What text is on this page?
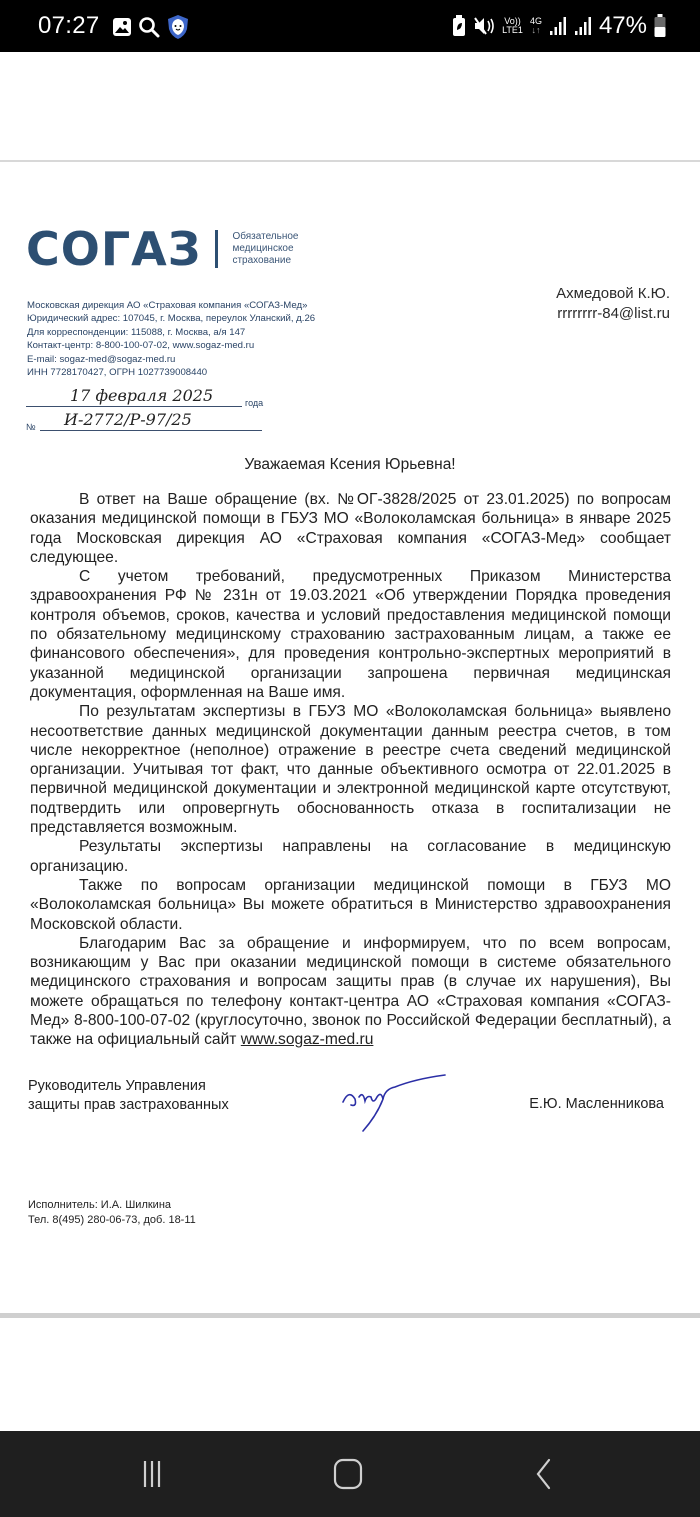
07:27	Vo))
LTE1
4G
↓↑ 47%
СОГАЗ	Обязательное
медицинское
страхование
Московская дирекция АО «Страховая компания «СОГАЗ-Мед»
Юридический адрес: 107045, г. Москва, переулок Уланский, д.26
Для корреспонденции: 115088, г. Москва, а/я 147
Контакт-центр: 8-800-100-07-02, www.sogaz-med.ru
E-mail: sogaz-med@sogaz-med.ru
ИНН 7728170427, ОГРН 1027739008440
Ахмедовой К.Ю.
rrrrrrrr-84@list.ru
17 февраля 2025	года
№ И-2772/Р-97/25
Уважаемая Ксения Юрьевна!

В ответ на Ваше обращение (вх. №ОГ-3828/2025 от 23.01.2025) по вопросам оказания медицинской помощи в ГБУЗ МО «Волоколамская больница» в январе 2025 года Московская дирекция АО «Страховая компания «СОГАЗ-Мед» сообщает следующее.

С учетом требований, предусмотренных Приказом Министерства здравоохранения РФ № 231н от 19.03.2021 «Об утверждении Порядка проведения контроля объемов, сроков, качества и условий предоставления медицинской помощи по обязательному медицинскому страхованию застрахованным лицам, а также ее финансового обеспечения», для проведения контрольно-экспертных мероприятий в указанной медицинской организации запрошена первичная медицинская документация, оформленная на Ваше имя.

По результатам экспертизы в ГБУЗ МО «Волоколамская больница» выявлено несоответствие данных медицинской документации данным реестра счетов, в том числе некорректное (неполное) отражение в реестре счета сведений медицинской организации. Учитывая тот факт, что данные объективного осмотра от 22.01.2025 в первичной медицинской документации и электронной медицинской карте отсутствуют, подтвердить или опровергнуть обоснованность отказа в госпитализации не представляется возможным.

Результаты экспертизы направлены на согласование в медицинскую организацию.

Также по вопросам организации медицинской помощи в ГБУЗ МО «Волоколамская больница» Вы можете обратиться в Министерство здравоохранения Московской области.

Благодарим Вас за обращение и информируем, что по всем вопросам, возникающим у Вас при оказании медицинской помощи в системе обязательного медицинского страхования и вопросам защиты прав (в случае их нарушения), Вы можете обращаться по телефону контакт-центра АО «Страховая компания «СОГАЗ-Мед» 8-800-100-07-02 (круглосуточно, звонок по Российской Федерации бесплатный), а также на официальный сайт www.sogaz-med.ru

Руководитель Управления
защиты прав застрахованных	Е.Ю. Масленникова
Исполнитель: И.А. Шилкина
Тел. 8(495) 280-06-73, доб. 18-11
